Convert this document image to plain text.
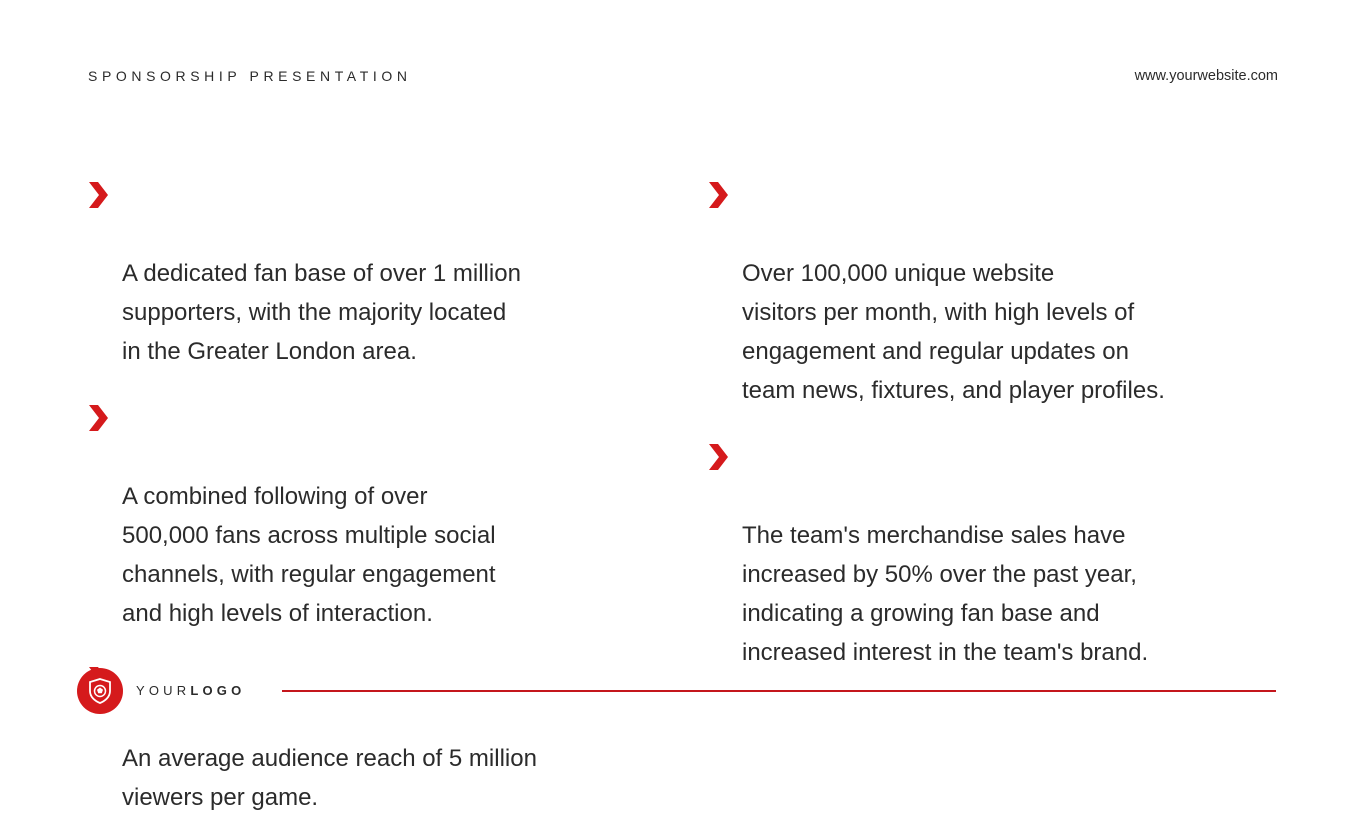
SPONSORSHIP PRESENTATION	www.yourwebsite.com

A dedicated fan base of over 1 million
supporters, with the majority located
in the Greater London area.

A combined following of over
500,000 fans across multiple social
channels, with regular engagement
and high levels of interaction.

An average audience reach of 5 million
viewers per game.

Over 100,000 unique website
visitors per month, with high levels of
engagement and regular updates on
team news, fixtures, and player profiles.

The team's merchandise sales have
increased by 50% over the past year,
indicating a growing fan base and
increased interest in the team's brand.

YOURLOGO
